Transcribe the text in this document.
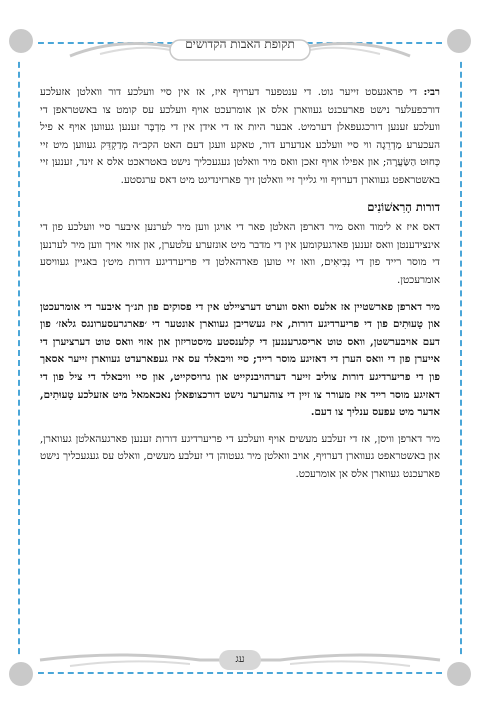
תקופת האבות הקדושים

רבי: די פראגעסט זייער גוט. די ענטפער דערויף איז, אז אין סיי וועלכע דור וואלטן אזעלכע דורכפעלער נישט פארעכנט געווארן אלס אן אומרעכט אויף וועלכע עס קומט צו באשטראפן די וועלכע זענען דורכגעפאלן דערמיט. אבער היות אז די אידן אין די מִדְבָּר זענען געווען אויף א פיל העכערע מַדְרֵגָה ווי סיי וועלכע אנדערע דור, טאקע וועגן דעם האט הקב״ה מְדַקְדֵּק געווען מיט זיי כְּחוּט הַשַּׂעֲרָה; און אפילו אויף זאכן וואס מיר וואלטן געגעכליך נישט באטראכט אלס א זינד, זענען זיי באשטראפט געווארן דערויף ווי גלייך זיי וואלטן זיך פארזינדיגט מיט דאס ערגסטע.

דורות הָרִאשׁוֹנִים

דאס איז א לימוד וואס מיר דארפן האלטן פאר די אויגן ווען מיר לערנען איבער סיי וועלכע פון די אינצידענטן וואס זענען פארגעקומען אין די מדבר מיט אונזערע עלטערן, און אזוי אויך ווען מיר לערנען די מוסר רייד פון די נְבִיאִים, וואו זיי טוען פארהאלטן די פריערדיגע דורות מיט׳ן באגיין געוויסע אומרעכטן.

מיר דארפן פארשטיין אז אלעס וואס ווערט דערציילט אין די פסוקים פון תנ״ך איבער די אומרעכטן און טָעוּתִים פון די פריערדיגע דורות, איז געשריבן געווארן אונטער די ׳פארגרעסערונגס גלאז׳ פון דעם אויבערשטן, וואס טוט אריסגרעננען די קלענסטע מיסטריזון און אזוי וואס טוט דערציערן די אייערן פון די וואס הערן די דאזיגע מוסר רייד; סיי וויבאלד עס איז געפארעדט געווארן זייער אסאך פון די פריערדיגע דורות צוליב זייער דערהויבנקייט און גרויסקייט, און סיי וויבאלד די ציל פון די דאזיגע מוסר רייד איז מעורר צו זיין די צוהערער נישט דורכצופאלן נאכאמאל מיט אזעלכע טָעוּתִים, אדער מיט עפעס ענליך צו דעם.

מיר דארפן וויסן, אז די זעלבע מעשים אויף וועלכע די פריערדיגע דורות זענען פארגעהאלטן געווארן, און באשטראפט געווארן דערויף, אויב וואלטן מיר געטוהן די זעלבע מעשים, וואלט עס געגעכליך נישט פארעכנט געווארן אלס אן אומרעכט.

עג
